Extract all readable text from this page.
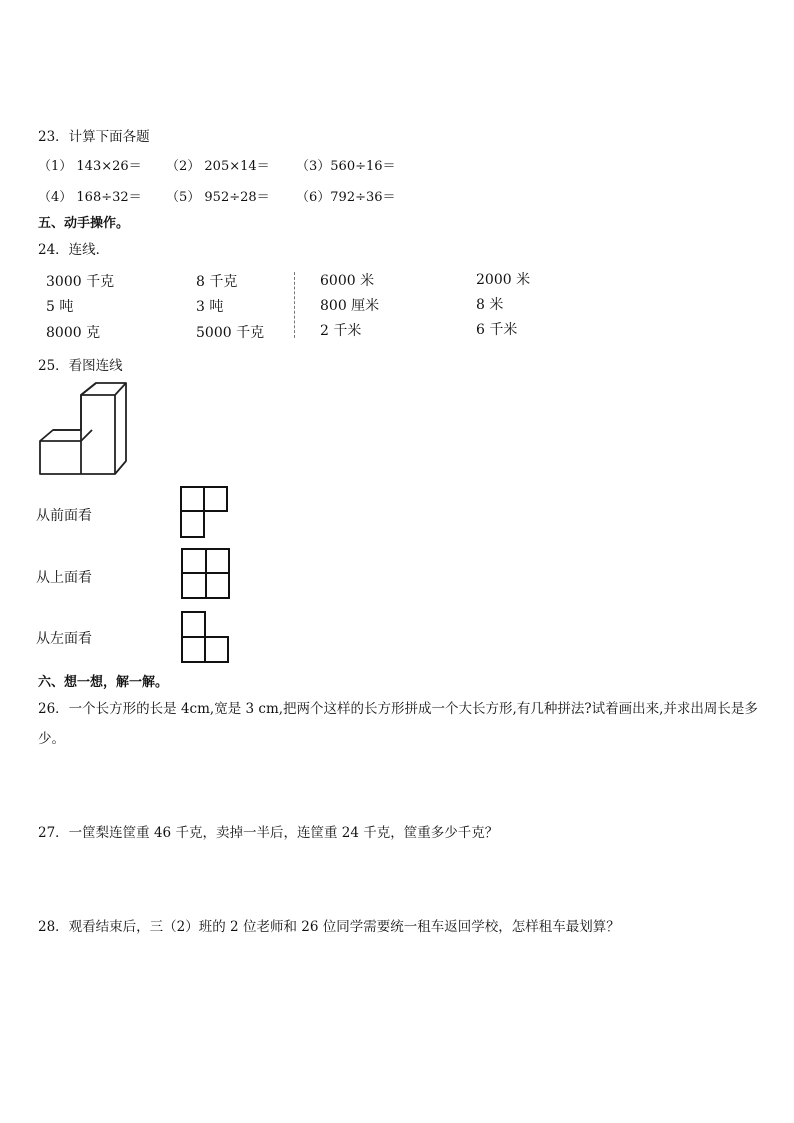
23．计算下面各题
（1） 143×26＝ （2） 205×14＝ （3）560÷16＝
（4） 168÷32＝ （5） 952÷28＝ （6）792÷36＝
五、动手操作。
24．连线．
3000 千克
5 吨
8000 克
8 千克
3 吨
5000 千克
6000 米
800 厘米
2 千米
2000 米
8 米
6 千米
25．看图连线
从前面看
从上面看
从左面看
六、想一想，解一解。
26．一个长方形的长是 4cm,宽是 3 cm,把两个这样的长方形拼成一个大长方形,有几种拼法?试着画出来,并求出周长是多
少。
27．一筐梨连筐重 46 千克，卖掉一半后，连筐重 24 千克，筐重多少千克？
28．观看结束后，三（2）班的 2 位老师和 26 位同学需要统一租车返回学校，怎样租车最划算？
